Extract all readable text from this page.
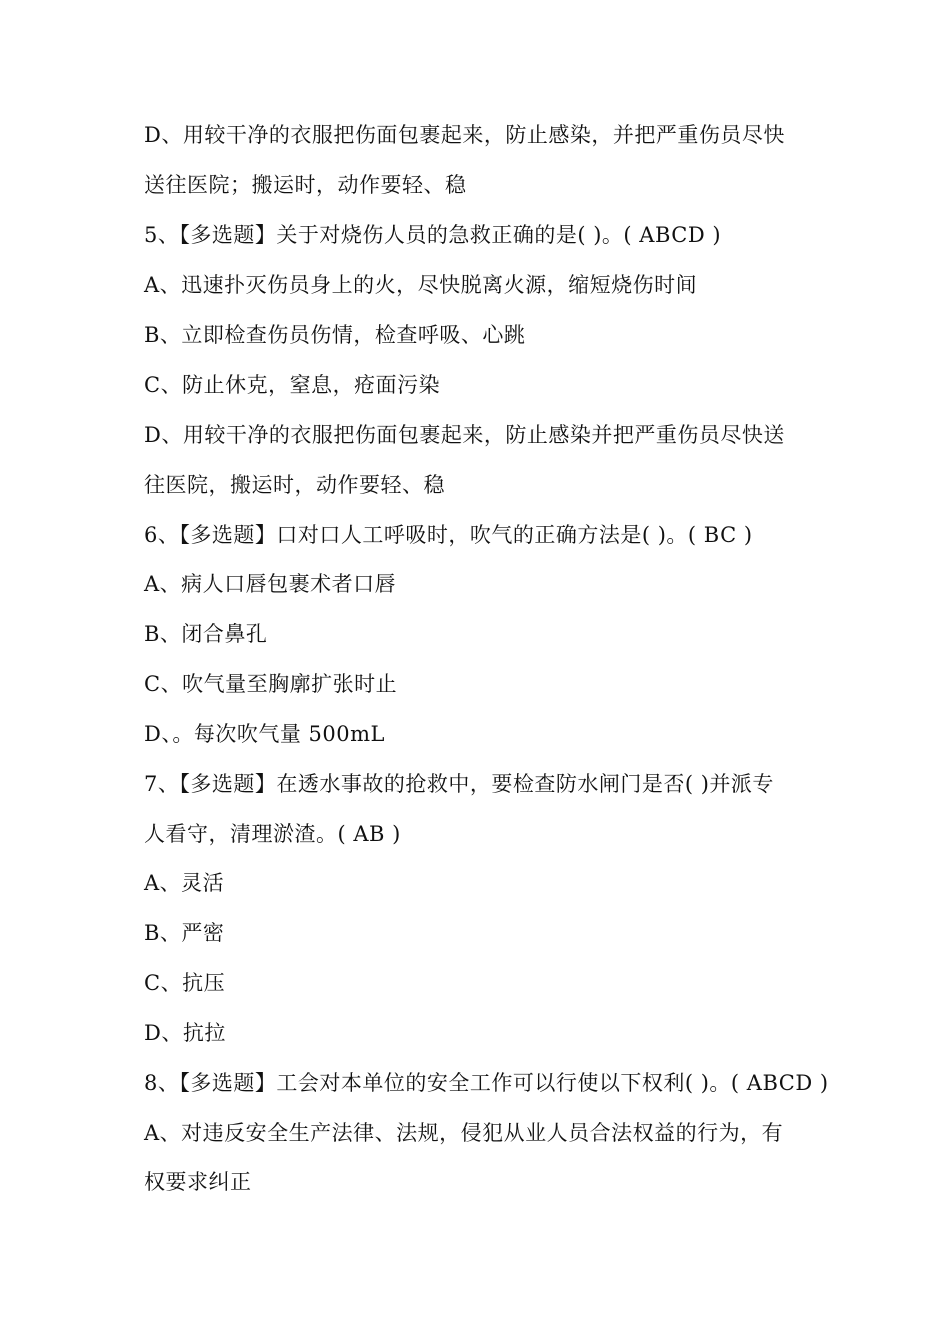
D、用较干净的衣服把伤面包裹起来，防止感染，并把严重伤员尽快
送往医院；搬运时，动作要轻、稳
5、【多选题】关于对烧伤人员的急救正确的是( )。( ABCD )
A、迅速扑灭伤员身上的火，尽快脱离火源，缩短烧伤时间
B、立即检查伤员伤情，检查呼吸、心跳
C、防止休克，窒息，疮面污染
D、用较干净的衣服把伤面包裹起来，防止感染并把严重伤员尽快送
往医院，搬运时，动作要轻、稳
6、【多选题】口对口人工呼吸时，吹气的正确方法是( )。( BC )
A、病人口唇包裹术者口唇
B、闭合鼻孔
C、吹气量至胸廓扩张时止
D、。每次吹气量 500mL
7、【多选题】在透水事故的抢救中，要检查防水闸门是否( )并派专
人看守，清理淤渣。( AB )
A、灵活
B、严密
C、抗压
D、抗拉
8、【多选题】工会对本单位的安全工作可以行使以下权利( )。( ABCD )
A、对违反安全生产法律、法规，侵犯从业人员合法权益的行为，有
权要求纠正
